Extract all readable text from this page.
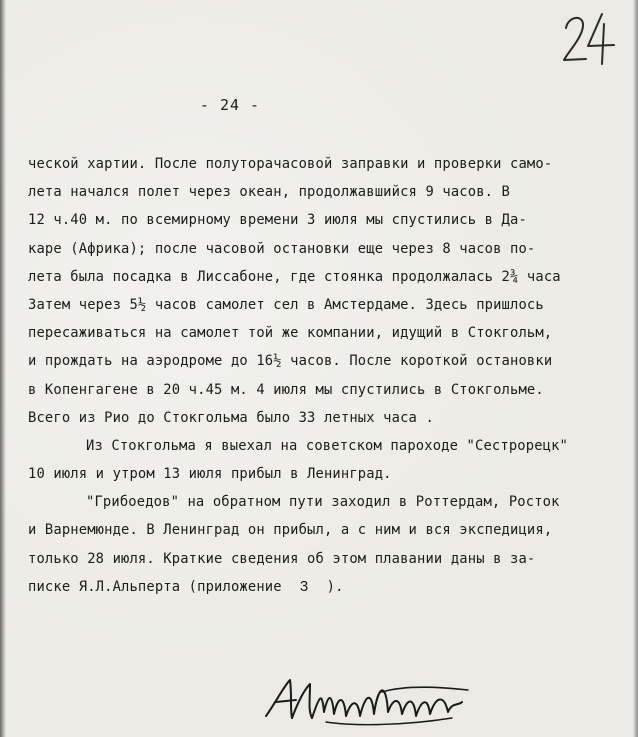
- 24 -
ческой хартии. После полуторачасовой заправки и проверки само-
лета начался полет через океан, продолжавшийся 9 часов. В
12 ч.40 м. по всемирному времени 3 июля мы спустились в Да-
каре (Африка); после часовой остановки еще через 8 часов по-
лета была посадка в Лиссабоне, где стоянка продолжалась 2¾ часа
Затем через 5½ часов самолет сел в Амстердаме. Здесь пришлось
пересаживаться на самолет той же компании, идущий в Стокгольм,
и прождать на аэродроме до 16½ часов. После короткой остановки
в Копенгагене в 20 ч.45 м. 4 июля мы спустились в Стокгольме.
Всего из Рио до Стокгольма было 33 летных часа .
Из Стокгольма я выехал на советском пароходе "Сестрорецк"
10 июля и утром 13 июля прибыл в Ленинград.
"Грибоедов" на обратном пути заходил в Роттердам, Росток
и Варнемюнде. В Ленинград он прибыл, а с ним и вся экспедиция,
только 28 июля. Краткие сведения об этом плавании даны в за-
писке Я.Л.Альперта (приложение 3 ).
